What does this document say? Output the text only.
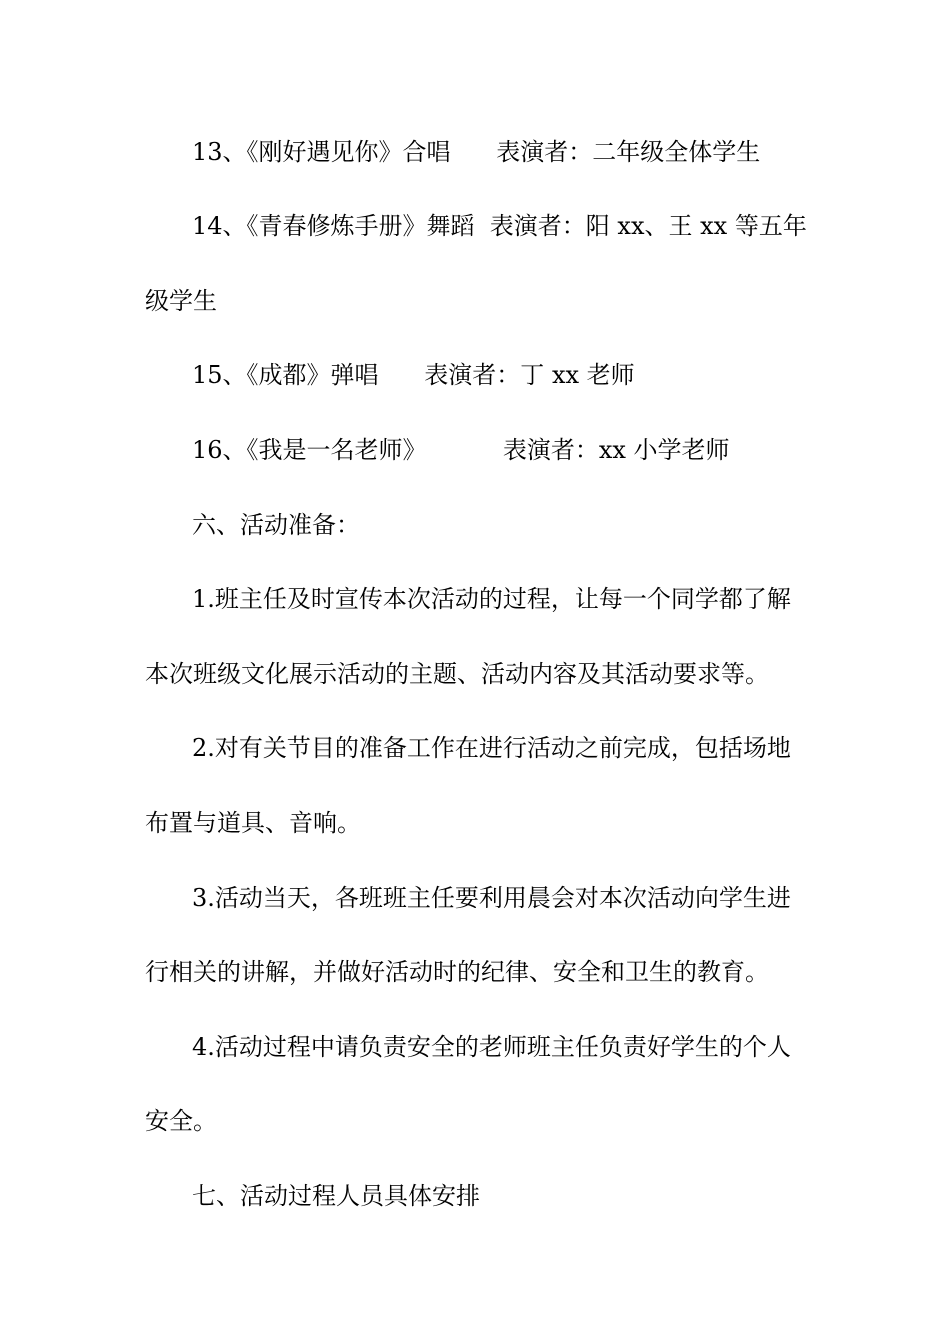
13、《刚好遇见你》合唱      表演者：二年级全体学生

14、《青春修炼手册》舞蹈  表演者：阳 xx、王 xx 等五年

级学生

15、《成都》弹唱      表演者：丁 xx 老师

16、《我是一名老师》          表演者：xx 小学老师

六、活动准备：

1.班主任及时宣传本次活动的过程，让每一个同学都了解

本次班级文化展示活动的主题、活动内容及其活动要求等。

2.对有关节目的准备工作在进行活动之前完成，包括场地

布置与道具、音响。

3.活动当天，各班班主任要利用晨会对本次活动向学生进

行相关的讲解，并做好活动时的纪律、安全和卫生的教育。

4.活动过程中请负责安全的老师班主任负责好学生的个人

安全。

七、活动过程人员具体安排
